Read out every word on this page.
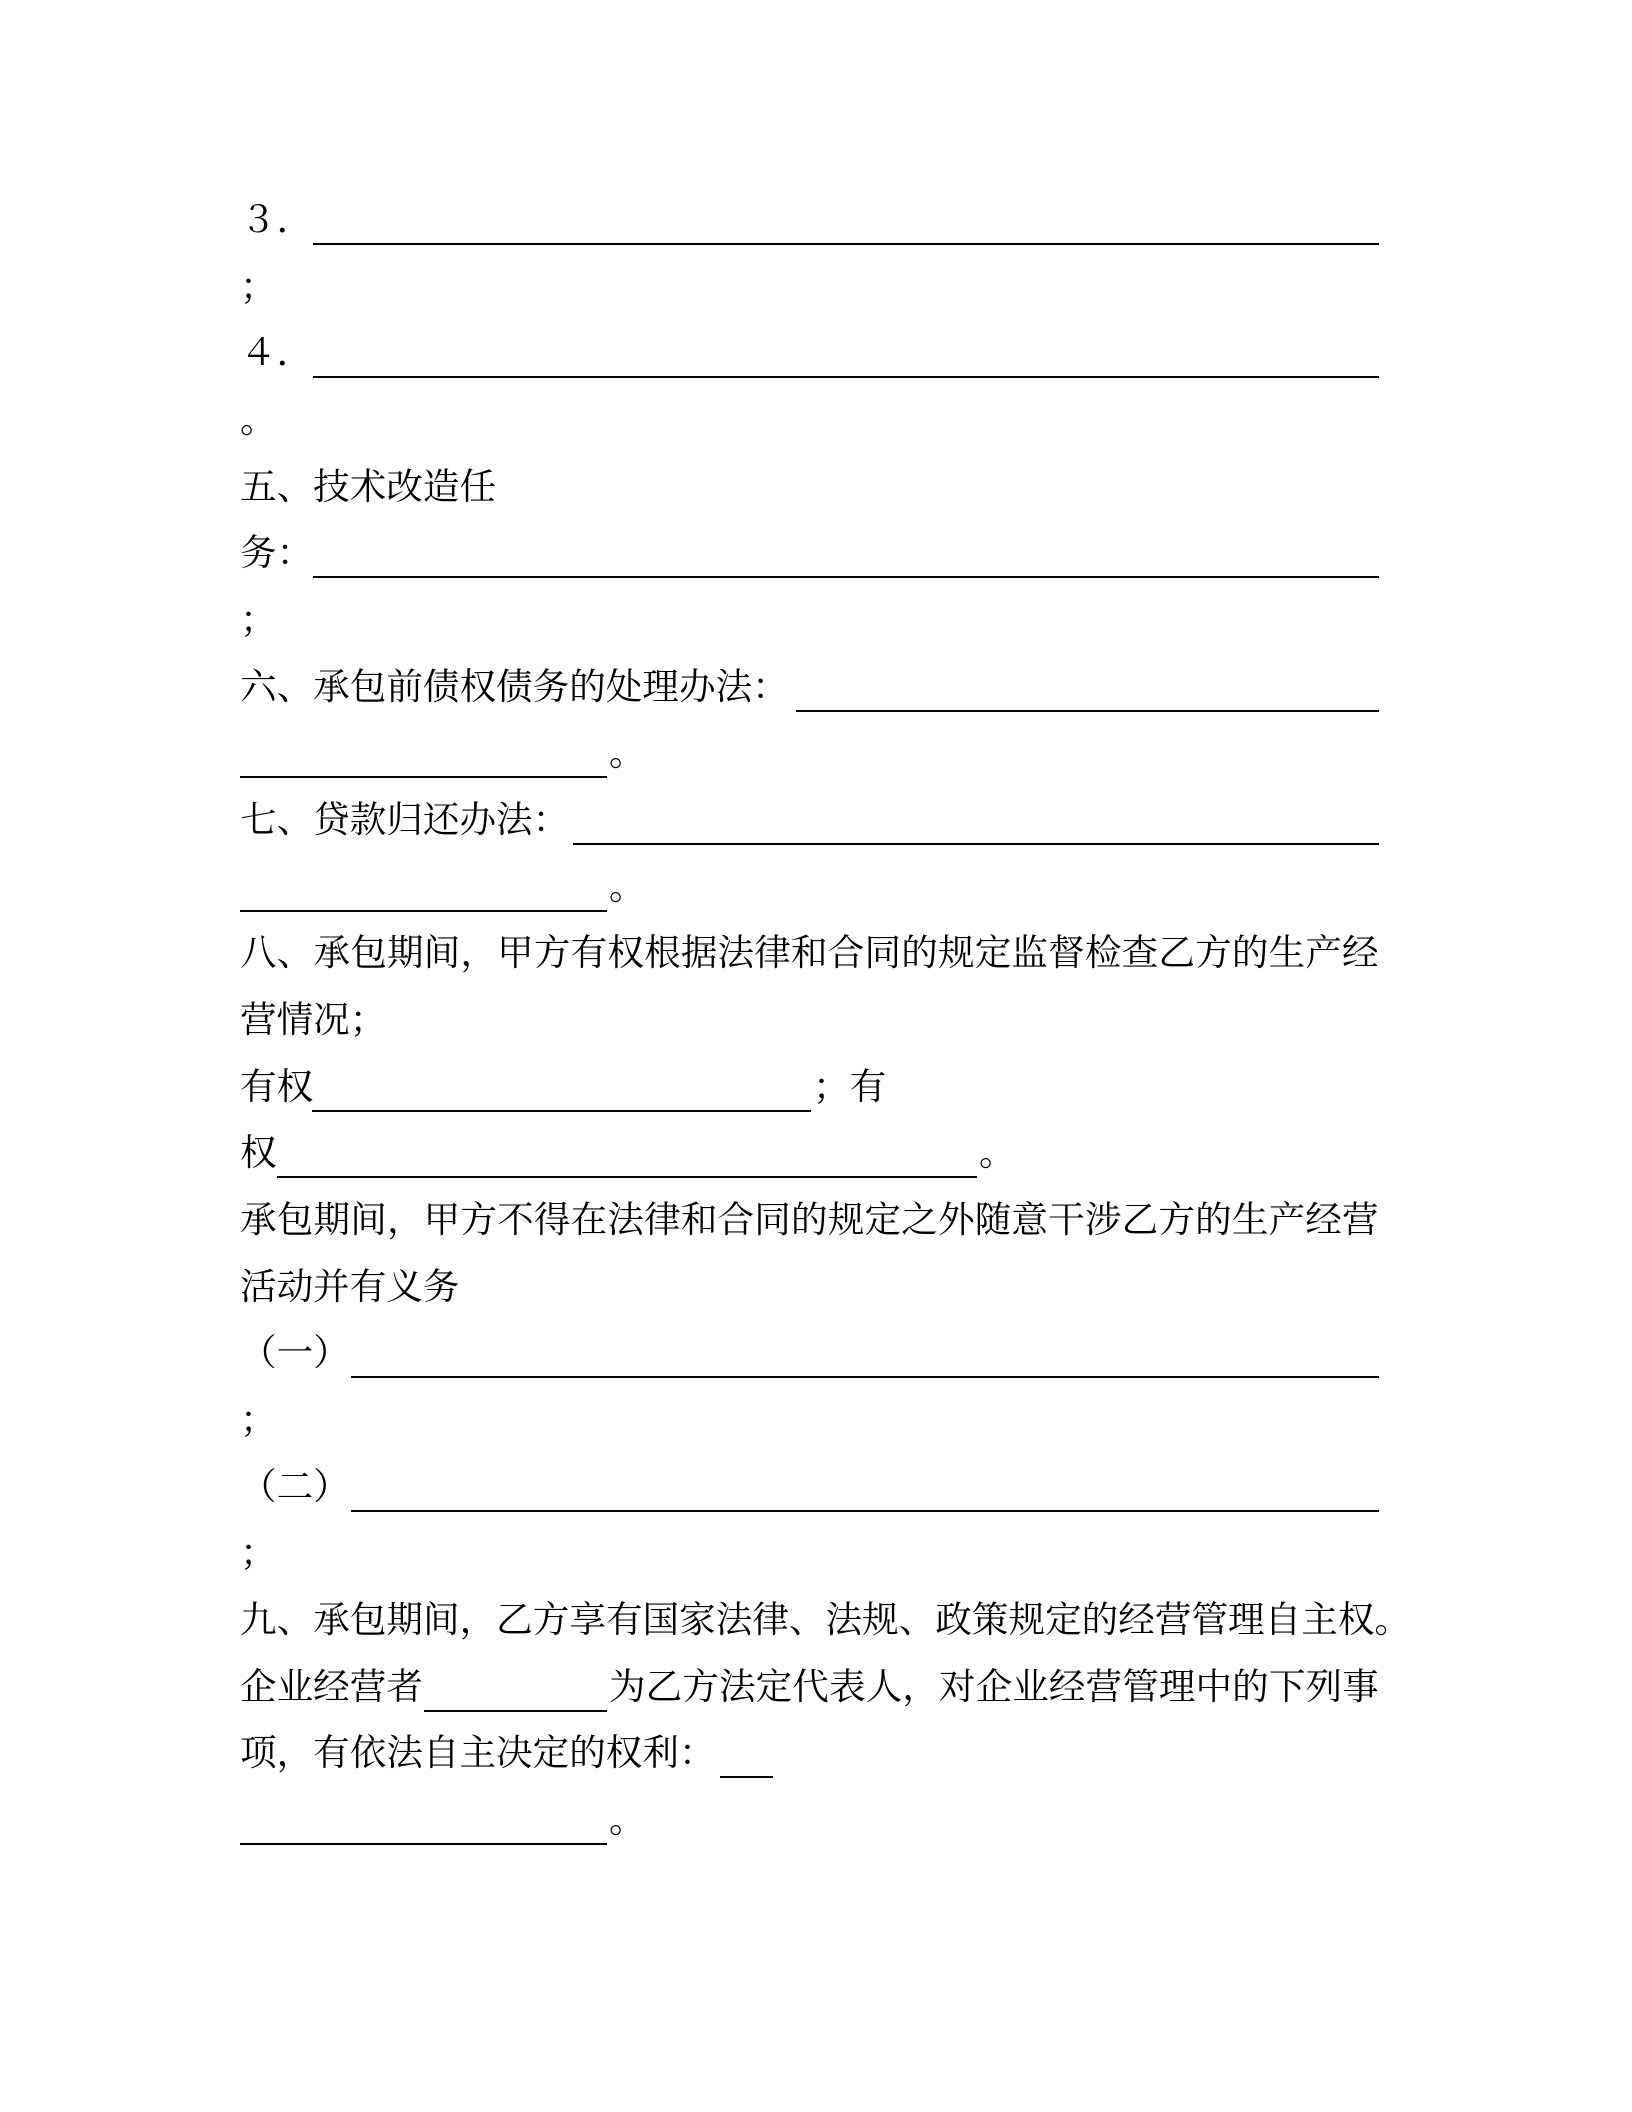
３．
；
４．
。
五、技术改造任
务：
；
六、承包前债权债务的处理办法：
。
七、贷款归还办法：
。
八 、 承 包 期 间 ， 甲 方 有 权 根 据 法 律 和 合 同 的 规 定 监 督 检 查 乙 方 的 生 产 经
营情况；
有权	；有
权	。
承 包 期 间 ， 甲 方 不 得 在 法 律 和 合 同 的 规 定 之 外 随 意 干 涉 乙 方 的 生 产 经 营
活动并有义务
（一）
；
（二）
；
九 、 承 包 期 间 ， 乙 方 享 有 国 家 法 律 、 法 规 、 政 策 规 定 的 经 营 管 理 自 主 权 。
企业经营者	为 乙 方 法 定 代 表 人 ， 对 企 业 经 营 管 理 中 的 下 列 事
项，有依法自主决定的权利：
。
